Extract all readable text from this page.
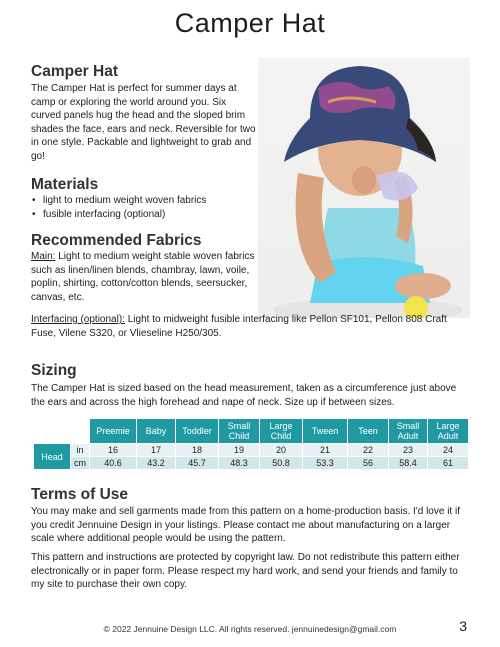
Camper Hat
Camper Hat
The Camper Hat is perfect for summer days at camp or exploring the world around you. Six curved panels hug the head and the sloped brim shades the face, ears and neck. Reversible for two in one style. Packable and lightweight to grab and go!
Materials
• light to medium weight woven fabrics
• fusible interfacing (optional)
Recommended Fabrics
Main: Light to medium weight stable woven fabrics such as linen/linen blends, chambray, lawn, voile, poplin, shirting, cotton/cotton blends, seersucker, canvas, etc.
Interfacing (optional): Light to midweight fusible interfacing like Pellon SF101, Pellon 808 Craft Fuse, Vilene S320, or Vlieseline H250/305.
Sizing
The Camper Hat is sized based on the head measurement, taken as a circumference just above the ears and across the high forehead and nape of neck. Size up if between sizes.
		Preemie	Baby	Toddler	Small Child	Large Child	Tween	Teen	Small Adult	Large Adult
Head	in	16	17	18	19	20	21	22	23	24
	cm	40.6	43.2	45.7	48.3	50.8	53.3	56	58.4	61
Terms of Use
You may make and sell garments made from this pattern on a home-production basis. I'd love it if you credit Jennuine Design in your listings. Please contact me about manufacturing on a larger scale where additional people would be using the pattern.
This pattern and instructions are protected by copyright law. Do not redistribute this pattern either electronically or in paper form. Please respect my hard work, and send your friends and family to my site to purchase their own copy.
© 2022 Jennuine Design LLC. All rights reserved. jennuinedesign@gmail.com	3
